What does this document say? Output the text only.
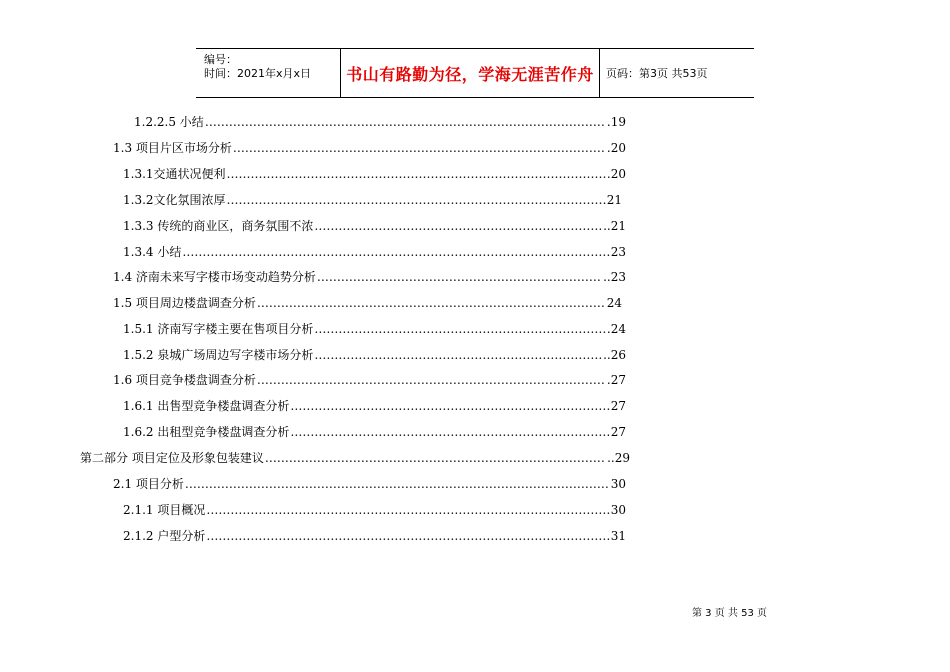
编号：
时间：2021年x月x日	书山有路勤为径，学海无涯苦作舟 页码：第3页 共53页
1.2.2.5 小结 ……………………………………………………………………………………………………………………………………………………………………………………………………………………………………………	.19
1.3 项目片区市场分析 ……………………………………………………………………………………………………………………………………………………………………………………………………………………………………………	.20
1.3.1交通状况便利 ……………………………………………………………………………………………………………………………………………………………………………………………………………………………………………	.20
1.3.2文化氛围浓厚 ……………………………………………………………………………………………………………………………………………………………………………………………………………………………………………	21
1.3.3 传统的商业区，商务氛围不浓 ……………………………………………………………………………………………………………………………………………………………………………………………………………………………………………	..21
1.3.4 小结 ……………………………………………………………………………………………………………………………………………………………………………………………………………………………………………	23
1.4 济南未来写字楼市场变动趋势分析 ……………………………………………………………………………………………………………………………………………………………………………………………………………………………………………	..23
1.5 项目周边楼盘调查分析 ……………………………………………………………………………………………………………………………………………………………………………………………………………………………………………	24
1.5.1 济南写字楼主要在售项目分析 ……………………………………………………………………………………………………………………………………………………………………………………………………………………………………………	.24
1.5.2 泉城广场周边写字楼市场分析 ……………………………………………………………………………………………………………………………………………………………………………………………………………………………………………	..26
1.6 项目竞争楼盘调查分析 ……………………………………………………………………………………………………………………………………………………………………………………………………………………………………………	.27
1.6.1 出售型竞争楼盘调查分析 ……………………………………………………………………………………………………………………………………………………………………………………………………………………………………………	27
1.6.2 出租型竞争楼盘调查分析 ……………………………………………………………………………………………………………………………………………………………………………………………………………………………………………	27
第二部分 项目定位及形象包装建议 ……………………………………………………………………………………………………………………………………………………………………………………………………………………………………………	..29
2.1 项目分析 ……………………………………………………………………………………………………………………………………………………………………………………………………………………………………………	30
2.1.1 项目概况 ……………………………………………………………………………………………………………………………………………………………………………………………………………………………………………	30
2.1.2 户型分析 ……………………………………………………………………………………………………………………………………………………………………………………………………………………………………………	31
第 3 页 共 53 页
